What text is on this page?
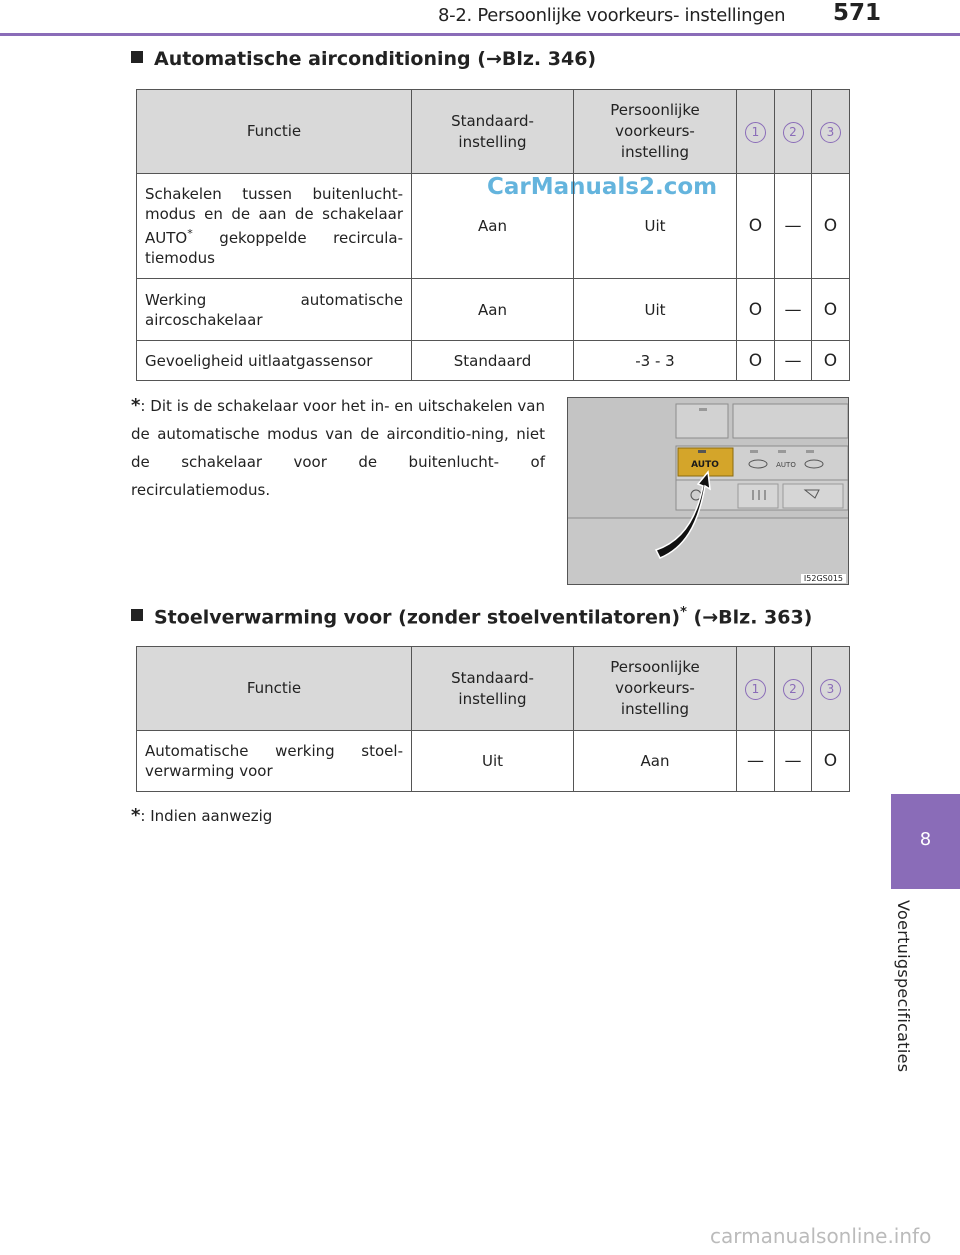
8-2. Persoonlijke voorkeurs- instellingen 571
8
Voertuigspecificaties
Automatische airconditioning (→Blz. 346)
CarManuals2.com
Functie	Standaard-instelling	Persoonlijke voorkeurs-instelling	1	2	3
Schakelen tussen buitenlucht-modus en de aan de schakelaar AUTO* gekoppelde recircula-tiemodus	Aan	Uit	O	—	O
Werking automatische aircoschakelaar	Aan	Uit	O	—	O
Gevoeligheid uitlaatgassensor	Standaard	-3 - 3	O	—	O
*: Dit is de schakelaar voor het in- en uitschakelen van de automatische modus van de airconditio-ning, niet de schakelaar voor de buitenlucht- of recirculatiemodus.
AUTO	AUTO
I52GS015
Stoelverwarming voor (zonder stoelventilatoren)* (→Blz. 363)
Functie	Standaard-instelling	Persoonlijke voorkeurs-instelling	1	2	3
Automatische werking stoel-verwarming voor	Uit	Aan	—	—	O
*: Indien aanwezig
carmanualsonline.info
